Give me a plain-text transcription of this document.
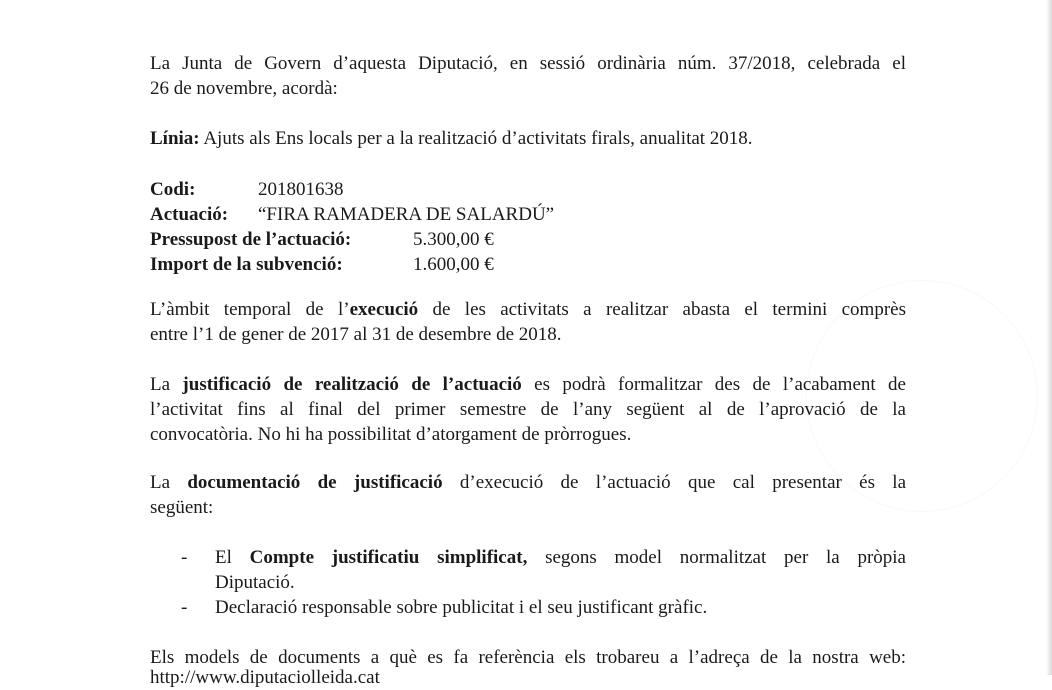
La Junta de Govern d’aquesta Diputació, en sessió ordinària núm. 37/2018, celebrada el

26 de novembre, acordà:

Línia: Ajuts als Ens locals per a la realització d’activitats firals, anualitat 2018.

Codi:	201801638
Actuació: “FIRA RAMADERA DE SALARDÚ”
Pressupost de l’actuació:	5.300,00 €
Import de la subvenció:	1.600,00 €

L’àmbit temporal de l’execució de les activitats a realitzar abasta el termini comprès

entre l’1 de gener de 2017 al 31 de desembre de 2018.

La justificació de realització de l’actuació es podrà formalitzar des de l’acabament de

l’activitat fins al final del primer semestre de l’any següent al de l’aprovació de la

convocatòria. No hi ha possibilitat d’atorgament de pròrrogues.

La documentació de justificació d’execució de l’actuació que cal presentar és la

següent:

- El Compte justificatiu simplificat, segons model normalitzat per la pròpia

Diputació.

- Declaració responsable sobre publicitat i el seu justificant gràfic.

Els models de documents a què es fa referència els trobareu a l’adreça de la nostra web:

http://www.diputaciolleida.cat
